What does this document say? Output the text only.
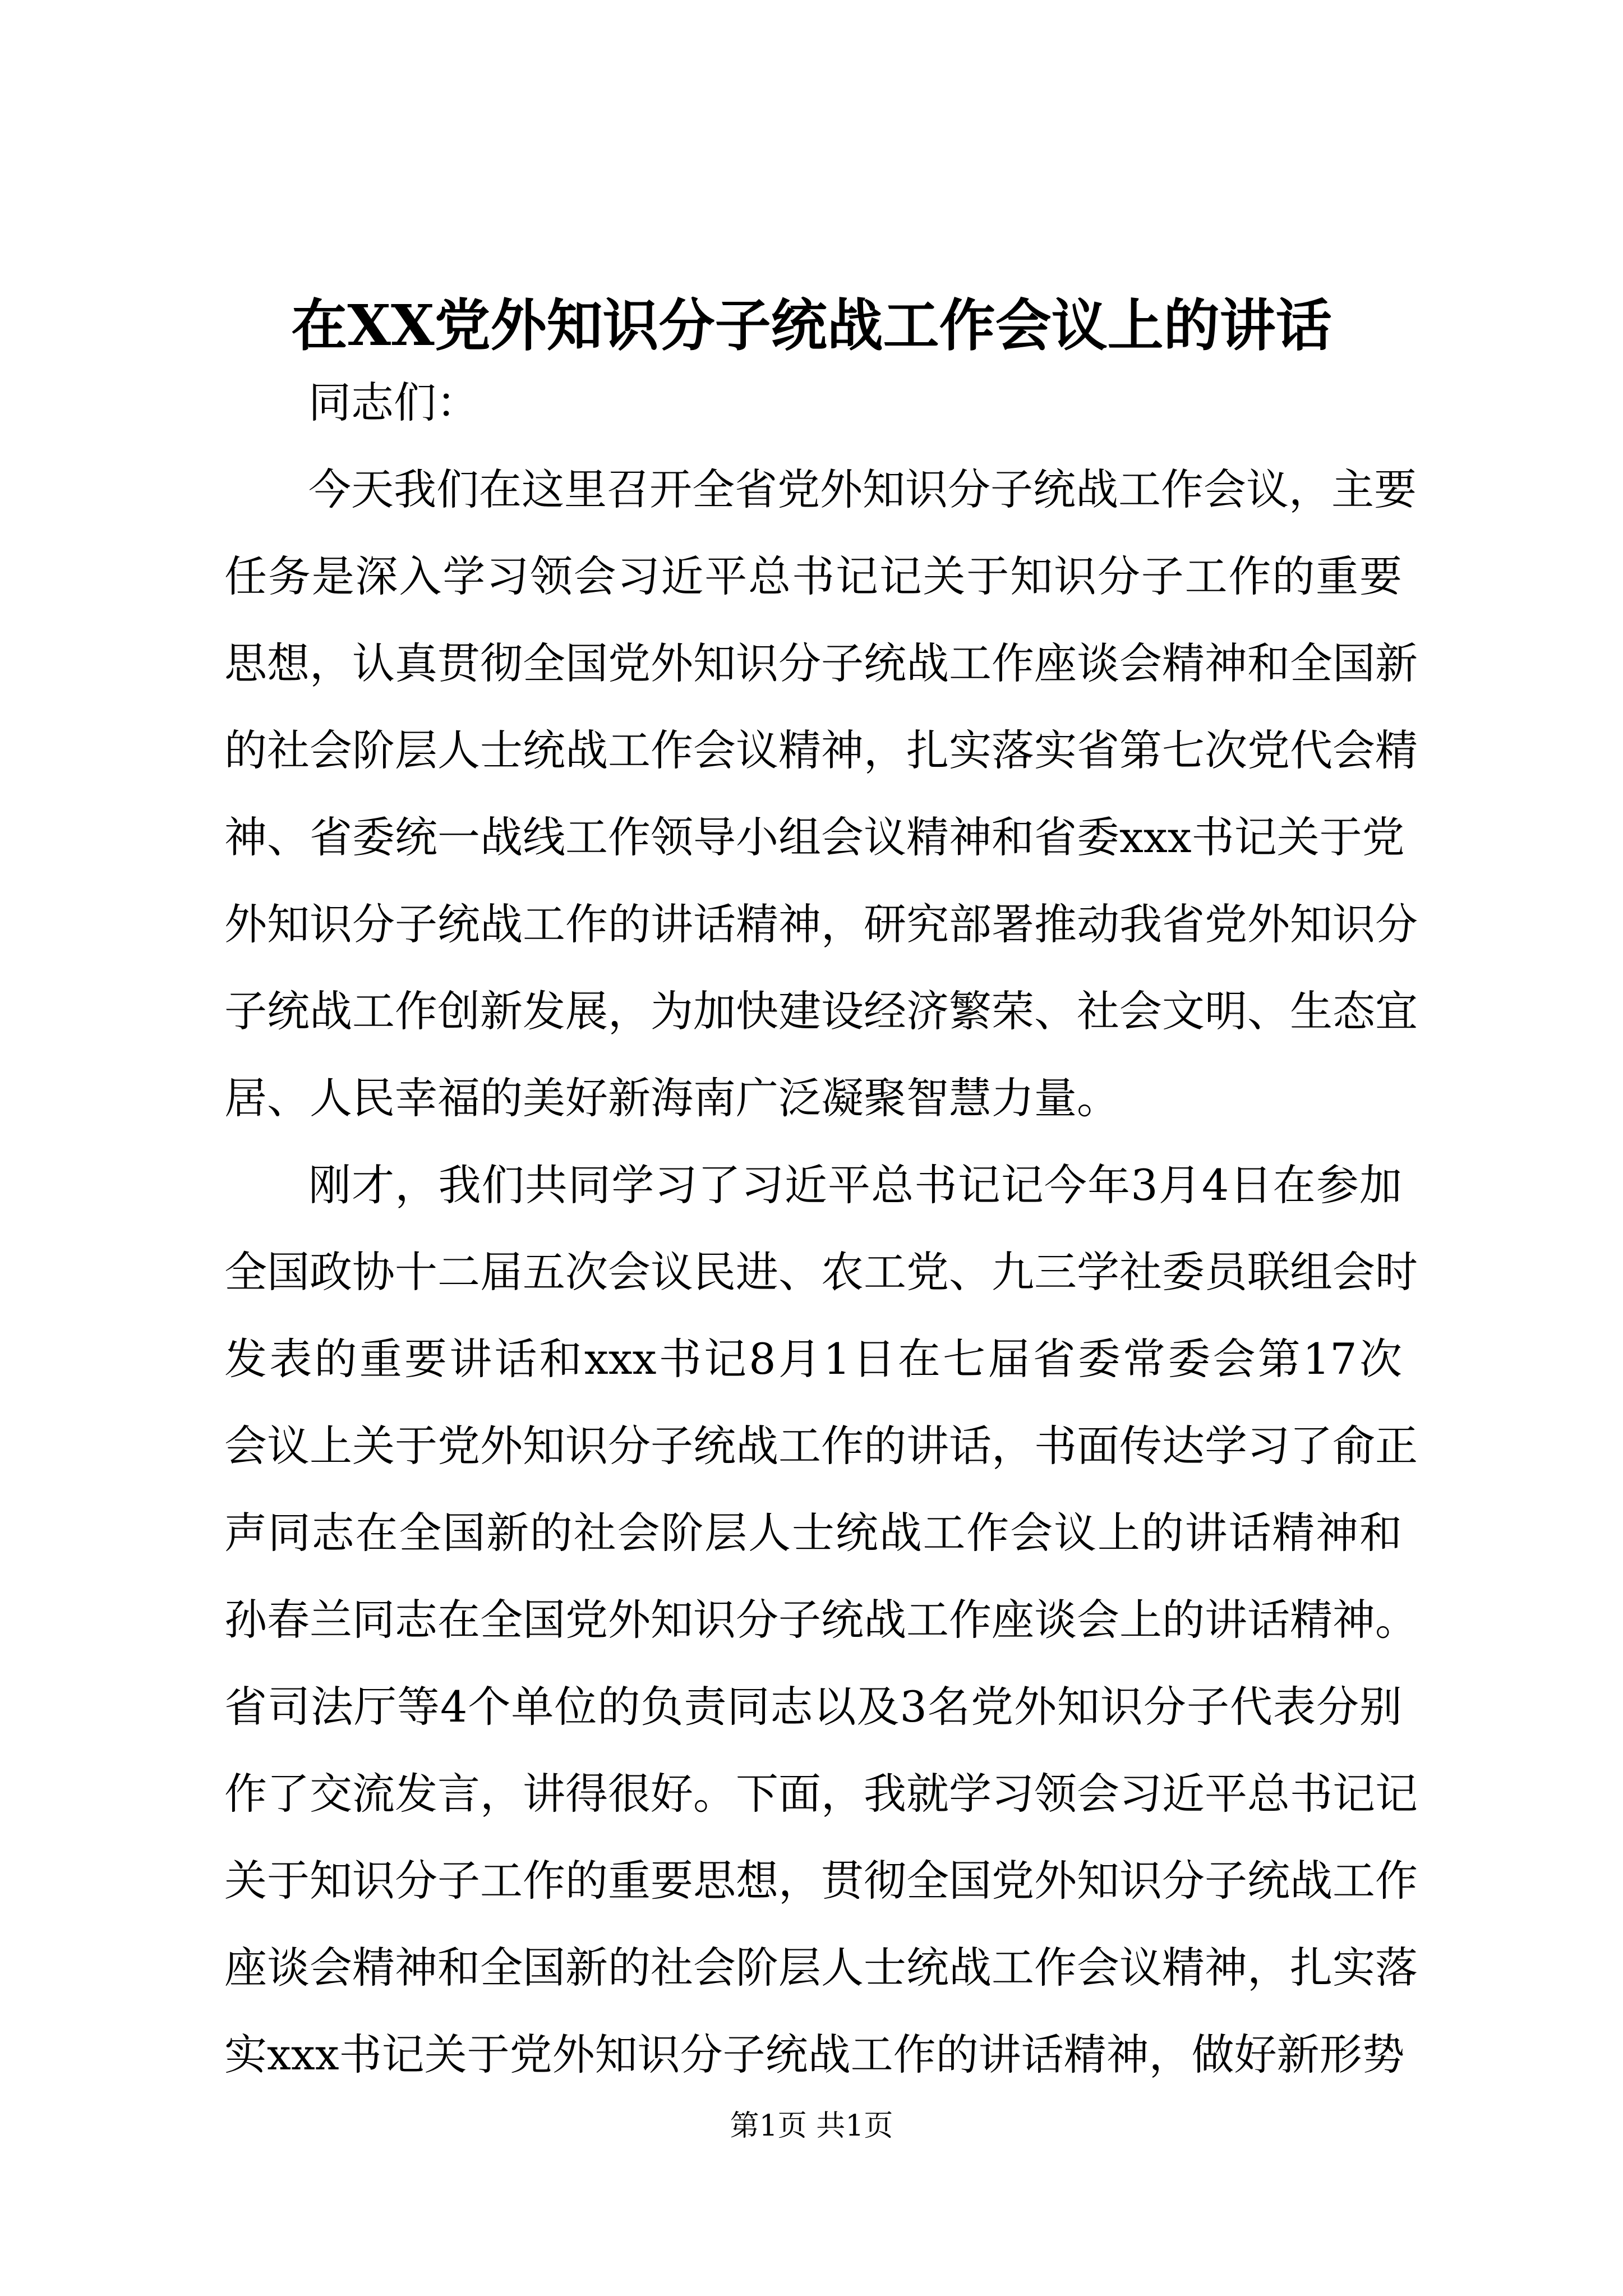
在XX党外知识分子统战工作会议上的讲话
同志们：
今天我们在这里召开全省党外知识分子统战工作会议，主要
任务是深入学习领会习近平总书记记关于知识分子工作的重要
思想，认真贯彻全国党外知识分子统战工作座谈会精神和全国新
的社会阶层人士统战工作会议精神，扎实落实省第七次党代会精
神、省委统一战线工作领导小组会议精神和省委xxx书记关于党
外知识分子统战工作的讲话精神，研究部署推动我省党外知识分
子统战工作创新发展，为加快建设经济繁荣、社会文明、生态宜
居、人民幸福的美好新海南广泛凝聚智慧力量。
刚才，我们共同学习了习近平总书记记今年3月4日在参加
全国政协十二届五次会议民进、农工党、九三学社委员联组会时
发表的重要讲话和xxx书记8月1日在七届省委常委会第17次
会议上关于党外知识分子统战工作的讲话，书面传达学习了俞正
声同志在全国新的社会阶层人士统战工作会议上的讲话精神和
孙春兰同志在全国党外知识分子统战工作座谈会上的讲话精神。
省司法厅等4个单位的负责同志以及3名党外知识分子代表分别
作了交流发言，讲得很好。下面，我就学习领会习近平总书记记
关于知识分子工作的重要思想，贯彻全国党外知识分子统战工作
座谈会精神和全国新的社会阶层人士统战工作会议精神，扎实落
实xxx书记关于党外知识分子统战工作的讲话精神，做好新形势

第1页 共1页
